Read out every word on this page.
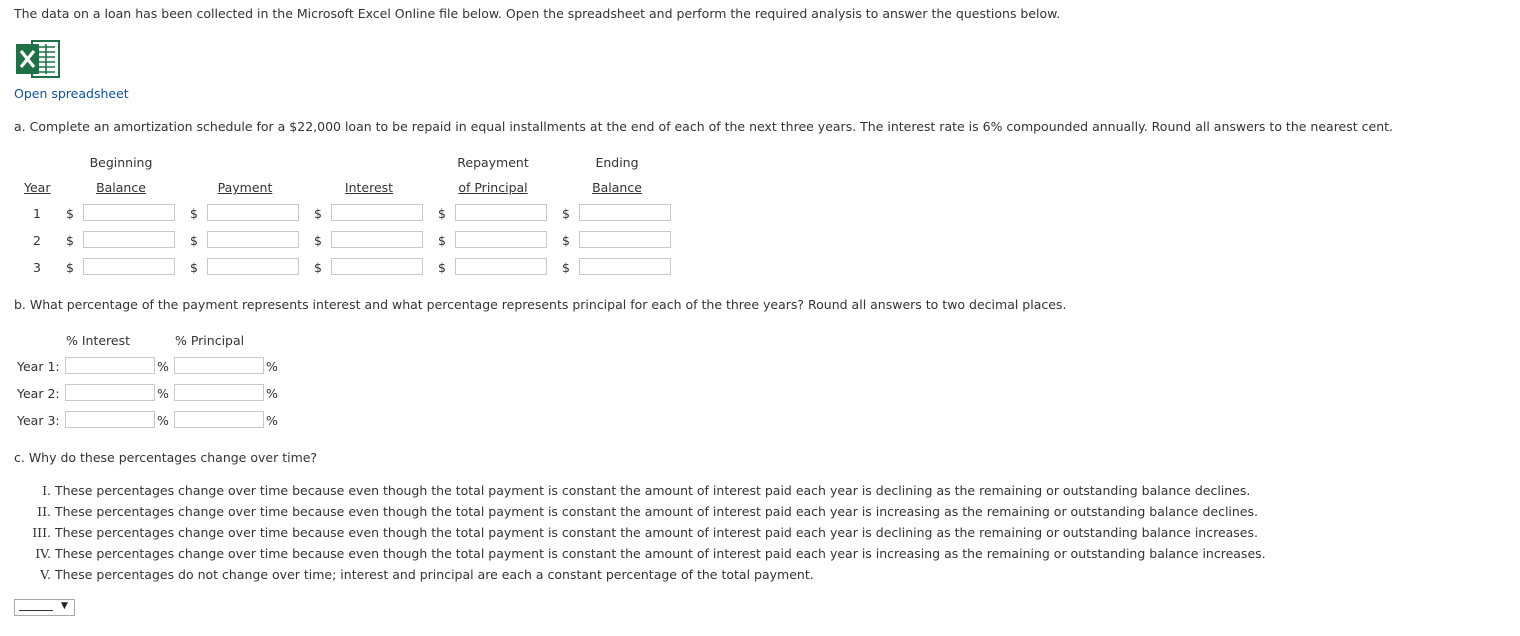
The data on a loan has been collected in the Microsoft Excel Online file below. Open the spreadsheet and perform the required analysis to answer the questions below.
Open spreadsheet
a. Complete an amortization schedule for a $22,000 loan to be repaid in equal installments at the end of each of the next three years. The interest rate is 6% compounded annually. Round all answers to the nearest cent.
Beginning	Repayment	Ending
Year	Balance	Payment	Interest	of Principal	Balance
1 $	$	$	$	$
2 $	$	$	$	$
3 $	$	$	$	$
b. What percentage of the payment represents interest and what percentage represents principal for each of the three years? Round all answers to two decimal places.
% Interest	% Principal
Year 1:	%	%
Year 2:	%	%
Year 3:	%	%
c. Why do these percentages change over time?
I. These percentages change over time because even though the total payment is constant the amount of interest paid each year is declining as the remaining or outstanding balance declines.
II. These percentages change over time because even though the total payment is constant the amount of interest paid each year is increasing as the remaining or outstanding balance declines.
III. These percentages change over time because even though the total payment is constant the amount of interest paid each year is declining as the remaining or outstanding balance increases.
IV. These percentages change over time because even though the total payment is constant the amount of interest paid each year is increasing as the remaining or outstanding balance increases.
V. These percentages do not change over time; interest and principal are each a constant percentage of the total payment.
▼
